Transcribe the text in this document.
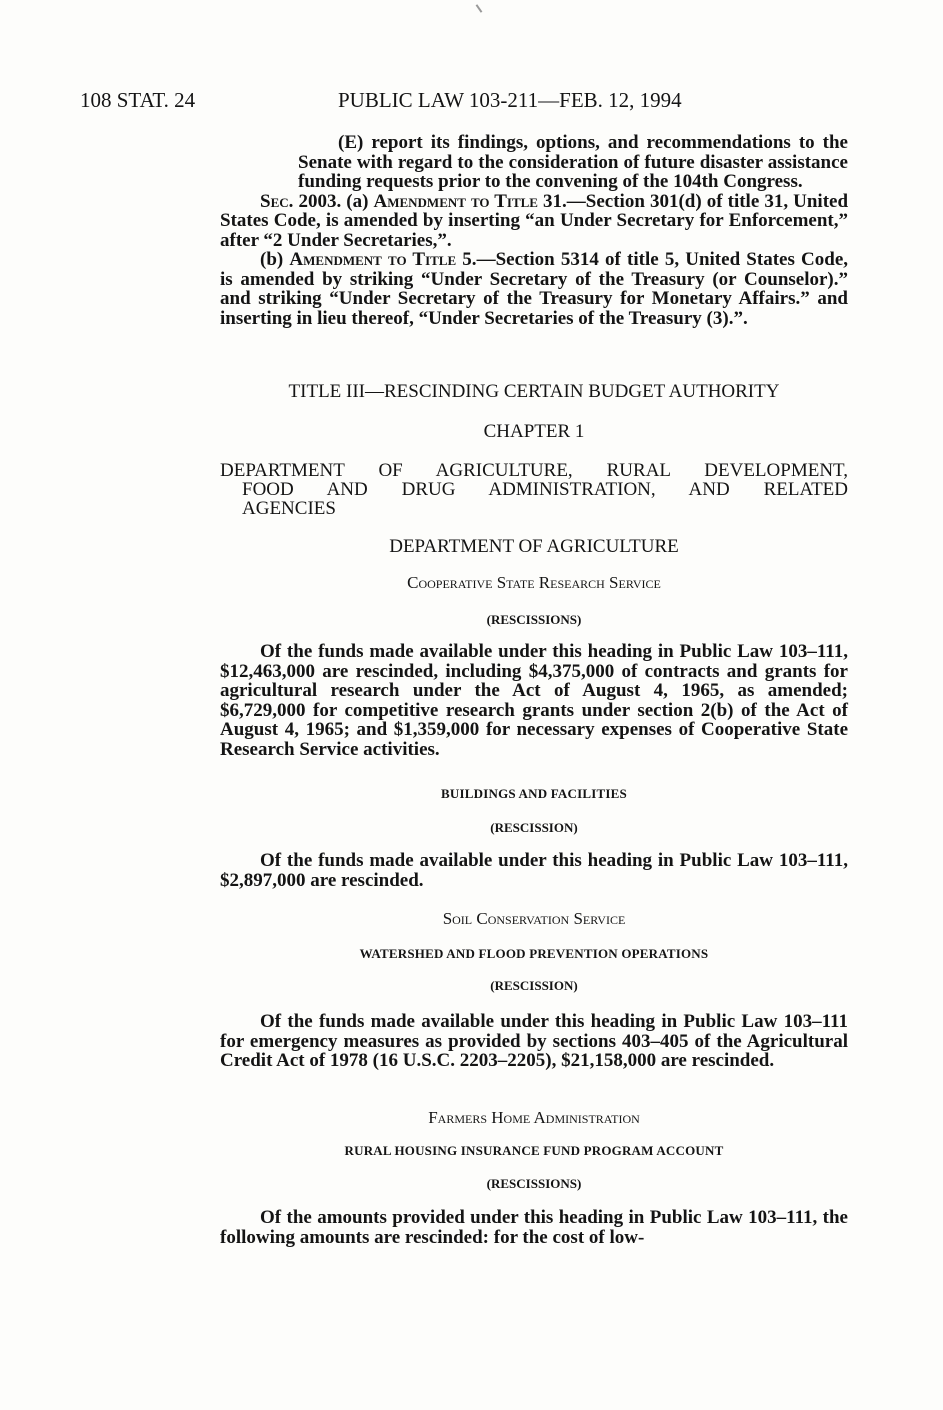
108 STAT. 24	PUBLIC LAW 103-211—FEB. 12, 1994

(E) report its findings, options, and recommendations to the Senate with regard to the consideration of future disaster assistance funding requests prior to the convening of the 104th Congress.

Sec. 2003. (a) Amendment to Title 31.—Section 301(d) of title 31, United States Code, is amended by inserting “an Under Secretary for Enforcement,” after “2 Under Secretaries,”.

(b) Amendment to Title 5.—Section 5314 of title 5, United States Code, is amended by striking “Under Secretary of the Treasury (or Counselor).” and striking “Under Secretary of the Treasury for Monetary Affairs.” and inserting in lieu thereof, “Under Secretaries of the Treasury (3).”.

TITLE III—RESCINDING CERTAIN BUDGET AUTHORITY
CHAPTER 1
DEPARTMENT OF AGRICULTURE, RURAL DEVELOPMENT,
FOOD AND DRUG ADMINISTRATION, AND RELATED
AGENCIES
DEPARTMENT OF AGRICULTURE
Cooperative State Research Service
(RESCISSIONS)

Of the funds made available under this heading in Public Law 103–111, $12,463,000 are rescinded, including $4,375,000 of contracts and grants for agricultural research under the Act of August 4, 1965, as amended; $6,729,000 for competitive research grants under section 2(b) of the Act of August 4, 1965; and $1,359,000 for necessary expenses of Cooperative State Research Service activities.

BUILDINGS AND FACILITIES
(RESCISSION)

Of the funds made available under this heading in Public Law 103–111, $2,897,000 are rescinded.

Soil Conservation Service
WATERSHED AND FLOOD PREVENTION OPERATIONS
(RESCISSION)

Of the funds made available under this heading in Public Law 103–111 for emergency measures as provided by sections 403–405 of the Agricultural Credit Act of 1978 (16 U.S.C. 2203–2205), $21,158,000 are rescinded.

Farmers Home Administration
RURAL HOUSING INSURANCE FUND PROGRAM ACCOUNT
(RESCISSIONS)

Of the amounts provided under this heading in Public Law 103–111, the following amounts are rescinded: for the cost of low-
